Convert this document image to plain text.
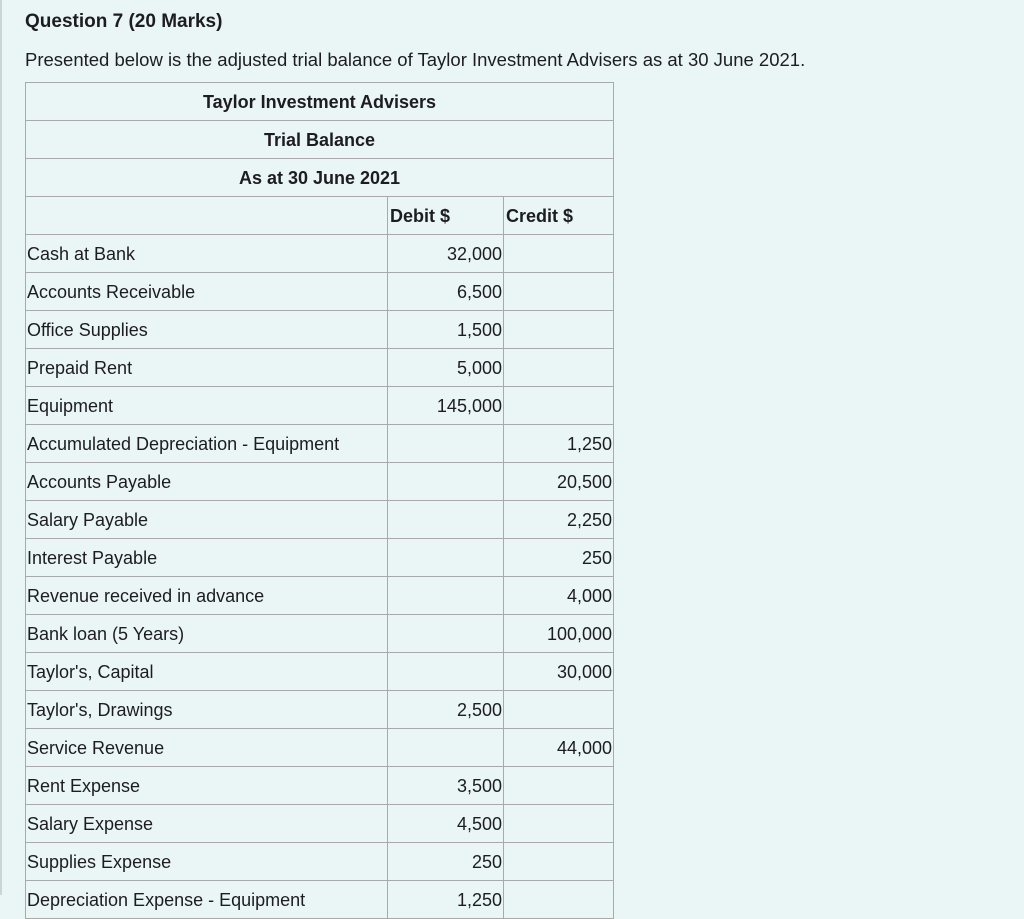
Question 7 (20 Marks)
Presented below is the adjusted trial balance of Taylor Investment Advisers as at 30 June 2021.
Taylor Investment Advisers		
Trial Balance		
As at 30 June 2021		
	Debit $	Credit $
Cash at Bank	32,000	
Accounts Receivable	6,500	
Office Supplies	1,500	
Prepaid Rent	5,000	
Equipment	145,000	
Accumulated Depreciation - Equipment		1,250
Accounts Payable		20,500
Salary Payable		2,250
Interest Payable		250
Revenue received in advance		4,000
Bank loan (5 Years)		100,000
Taylor's, Capital		30,000
Taylor's, Drawings	2,500	
Service Revenue		44,000
Rent Expense	3,500	
Salary Expense	4,500	
Supplies Expense	250	
Depreciation Expense - Equipment	1,250	
